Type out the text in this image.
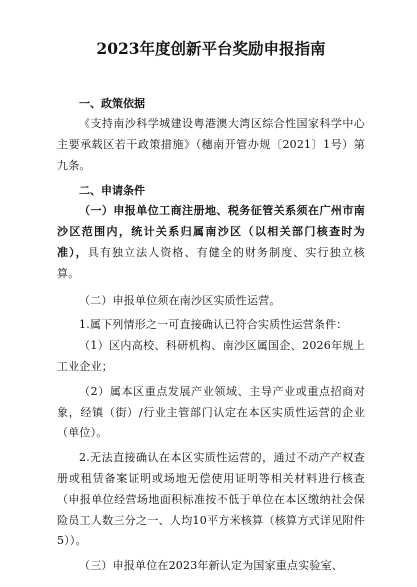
2023年度创新平台奖励申报指南
一、政策依据

《支持南沙科学城建设粤港澳大湾区综合性国家科学中心主要承载区若干政策措施》（穗南开管办规〔2021〕1号）第九条。

二、申请条件

（一）申报单位工商注册地、税务征管关系须在广州市南沙区范围内，统计关系归属南沙区（以相关部门核查时为准），具有独立法人资格、有健全的财务制度、实行独立核算。

（二）申报单位须在南沙区实质性运营。

1.属下列情形之一可直接确认已符合实质性运营条件：

（1）区内高校、科研机构、南沙区属国企、2026年规上工业企业；

（2）属本区重点发展产业领域、主导产业或重点招商对象，经镇（街）/行业主管部门认定在本区实质性运营的企业（单位）。

2.无法直接确认在本区实质性运营的，通过不动产产权查册或租赁备案证明或场地无偿使用证明等相关材料进行核查（申报单位经营场地面积标准按不低于单位在本区缴纳社会保险员工人数三分之一、人均10平方米核算（核算方式详见附件5））。

（三）申报单位在2023年新认定为国家重点实验室、
